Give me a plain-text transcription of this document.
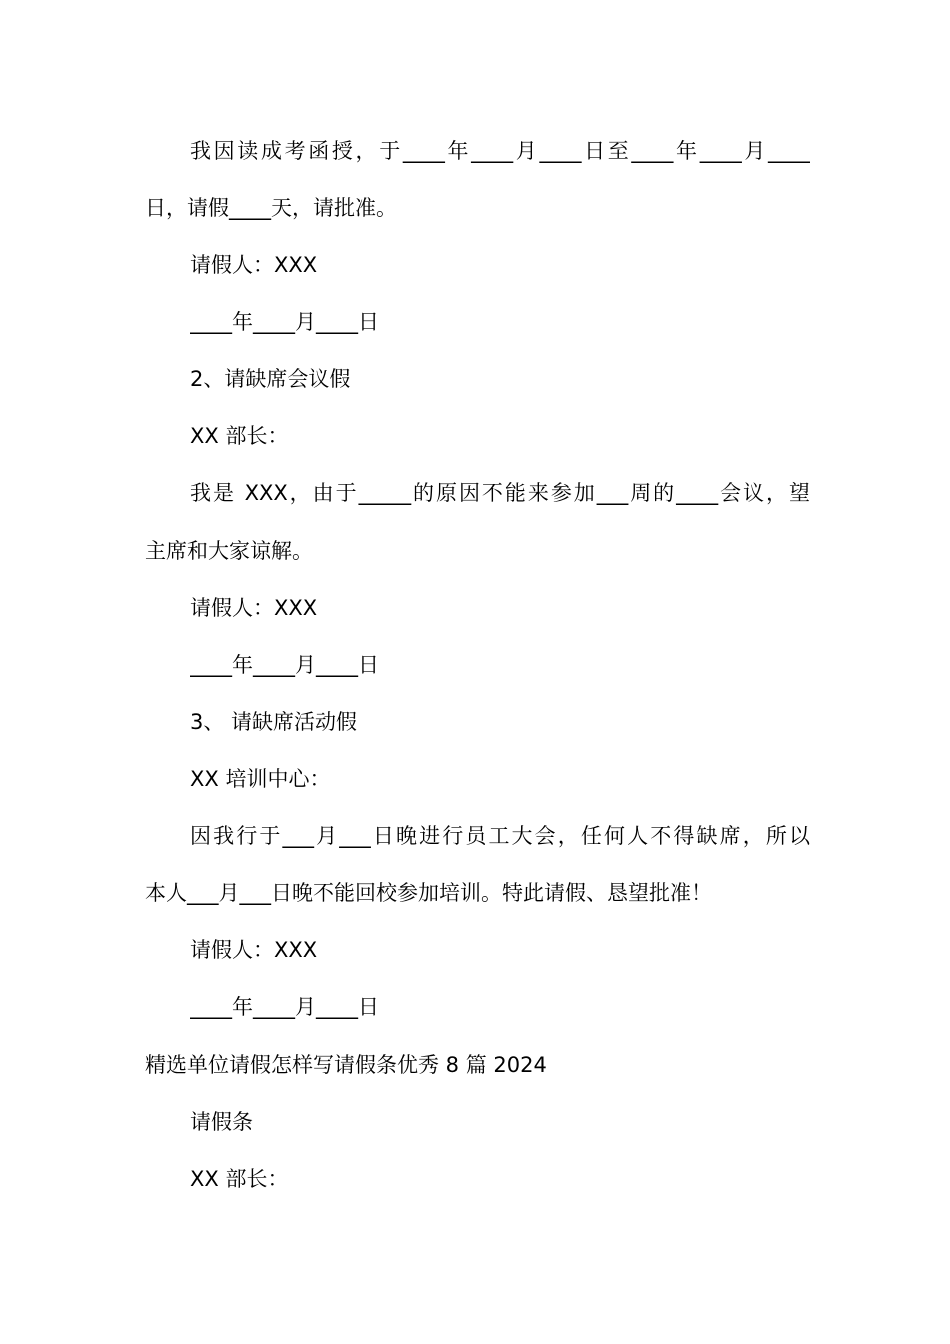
我因读成考函授，于____年____月____日至____年____月____
日，请假____天，请批准。
请假人：XXX
____年____月____日
2、请缺席会议假
XX 部长：
我是 XXX，由于_____的原因不能来参加___周的____会议，望
主席和大家谅解。
请假人：XXX
____年____月____日
3、 请缺席活动假
XX 培训中心：
因我行于___月___日晚进行员工大会，任何人不得缺席，所以
本人___月___日晚不能回校参加培训。特此请假、恳望批准！
请假人：XXX
____年____月____日
精选单位请假怎样写请假条优秀 8 篇 2024
请假条
XX 部长：
